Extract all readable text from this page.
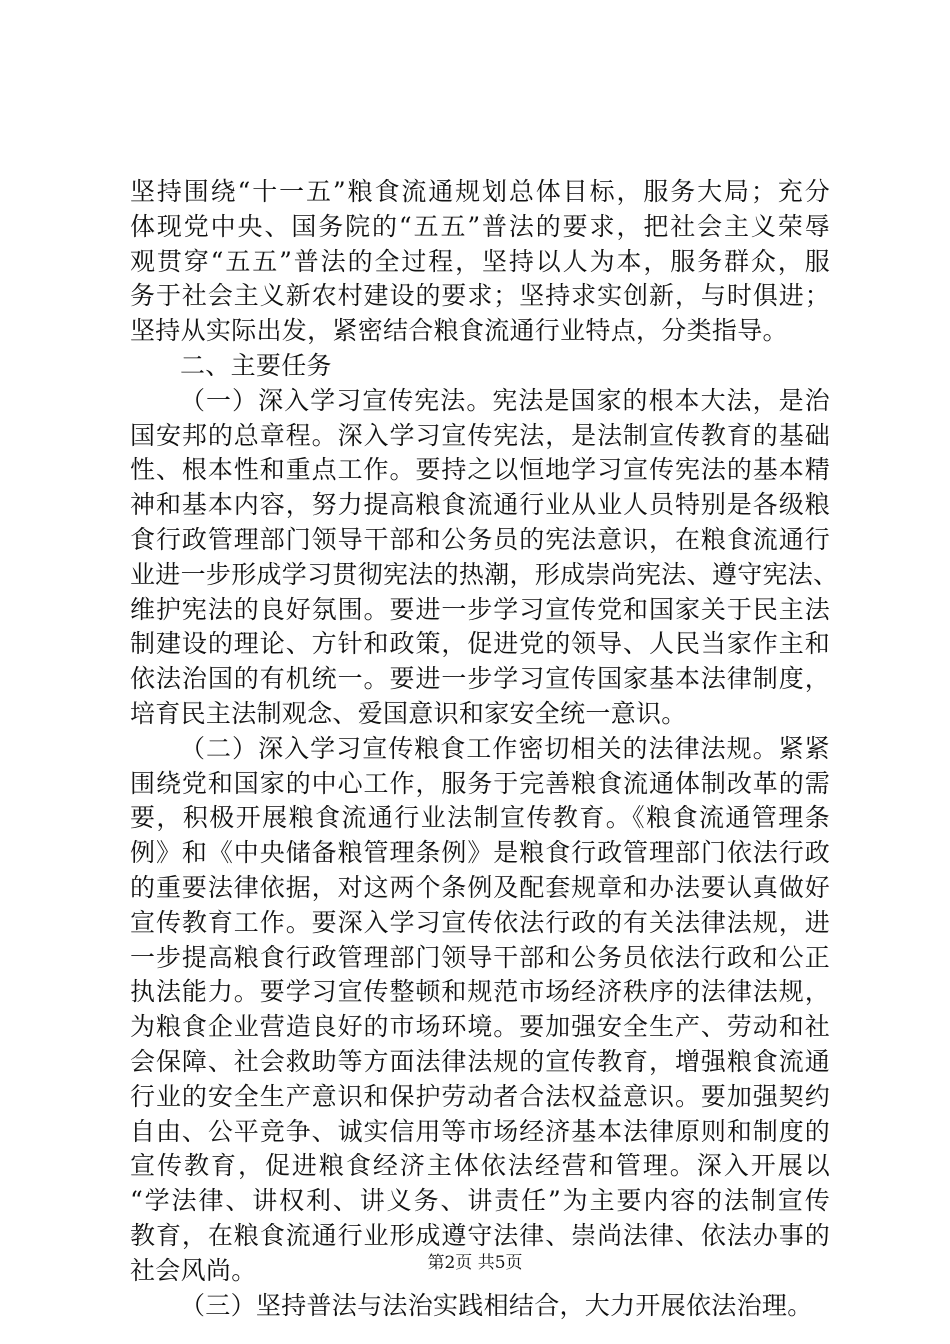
坚持围绕“十一五”粮食流通规划总体目标，服务大局；充分
体现党中央、国务院的“五五”普法的要求，把社会主义荣辱
观贯穿“五五”普法的全过程，坚持以人为本，服务群众，服
务于社会主义新农村建设的要求；坚持求实创新，与时俱进；
坚持从实际出发，紧密结合粮食流通行业特点，分类指导。
二、主要任务
（一）深入学习宣传宪法。宪法是国家的根本大法，是治
国安邦的总章程。深入学习宣传宪法，是法制宣传教育的基础
性、根本性和重点工作。要持之以恒地学习宣传宪法的基本精
神和基本内容，努力提高粮食流通行业从业人员特别是各级粮
食行政管理部门领导干部和公务员的宪法意识，在粮食流通行
业进一步形成学习贯彻宪法的热潮，形成崇尚宪法、遵守宪法、
维护宪法的良好氛围。要进一步学习宣传党和国家关于民主法
制建设的理论、方针和政策，促进党的领导、人民当家作主和
依法治国的有机统一。要进一步学习宣传国家基本法律制度，
培育民主法制观念、爱国意识和家安全统一意识。
（二）深入学习宣传粮食工作密切相关的法律法规。紧紧
围绕党和国家的中心工作，服务于完善粮食流通体制改革的需
要，积极开展粮食流通行业法制宣传教育。《粮食流通管理条
例》和《中央储备粮管理条例》是粮食行政管理部门依法行政
的重要法律依据，对这两个条例及配套规章和办法要认真做好
宣传教育工作。要深入学习宣传依法行政的有关法律法规，进
一步提高粮食行政管理部门领导干部和公务员依法行政和公正
执法能力。要学习宣传整顿和规范市场经济秩序的法律法规，
为粮食企业营造良好的市场环境。要加强安全生产、劳动和社
会保障、社会救助等方面法律法规的宣传教育，增强粮食流通
行业的安全生产意识和保护劳动者合法权益意识。要加强契约
自由、公平竞争、诚实信用等市场经济基本法律原则和制度的
宣传教育，促进粮食经济主体依法经营和管理。深入开展以
“学法律、讲权利、讲义务、讲责任”为主要内容的法制宣传
教育，在粮食流通行业形成遵守法律、崇尚法律、依法办事的
社会风尚。
（三）坚持普法与法治实践相结合，大力开展依法治理。
第2页 共5页
